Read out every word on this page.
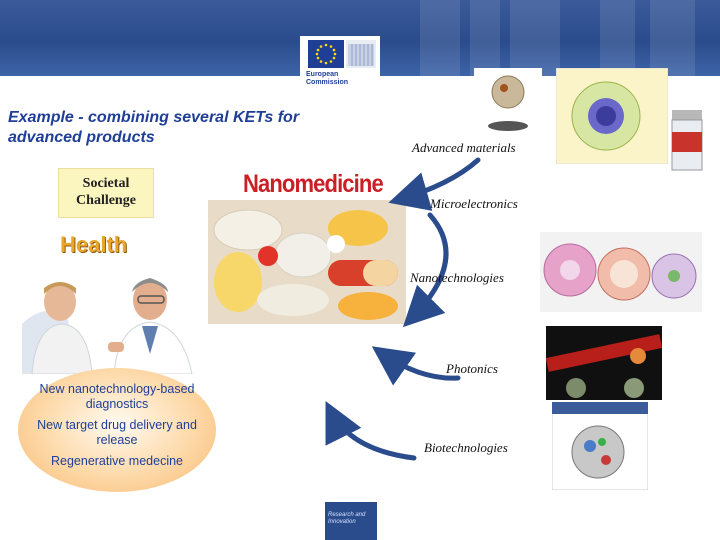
European Commission
Example - combining several KETs for advanced products
Societal Challenge
Nanomedicine
Health
New nanotechnology-based diagnostics
New target drug delivery and release
Regenerative medecine
Advanced materials
Microelectronics
Nanotechnologies
Photonics
Biotechnologies
Research and Innovation
